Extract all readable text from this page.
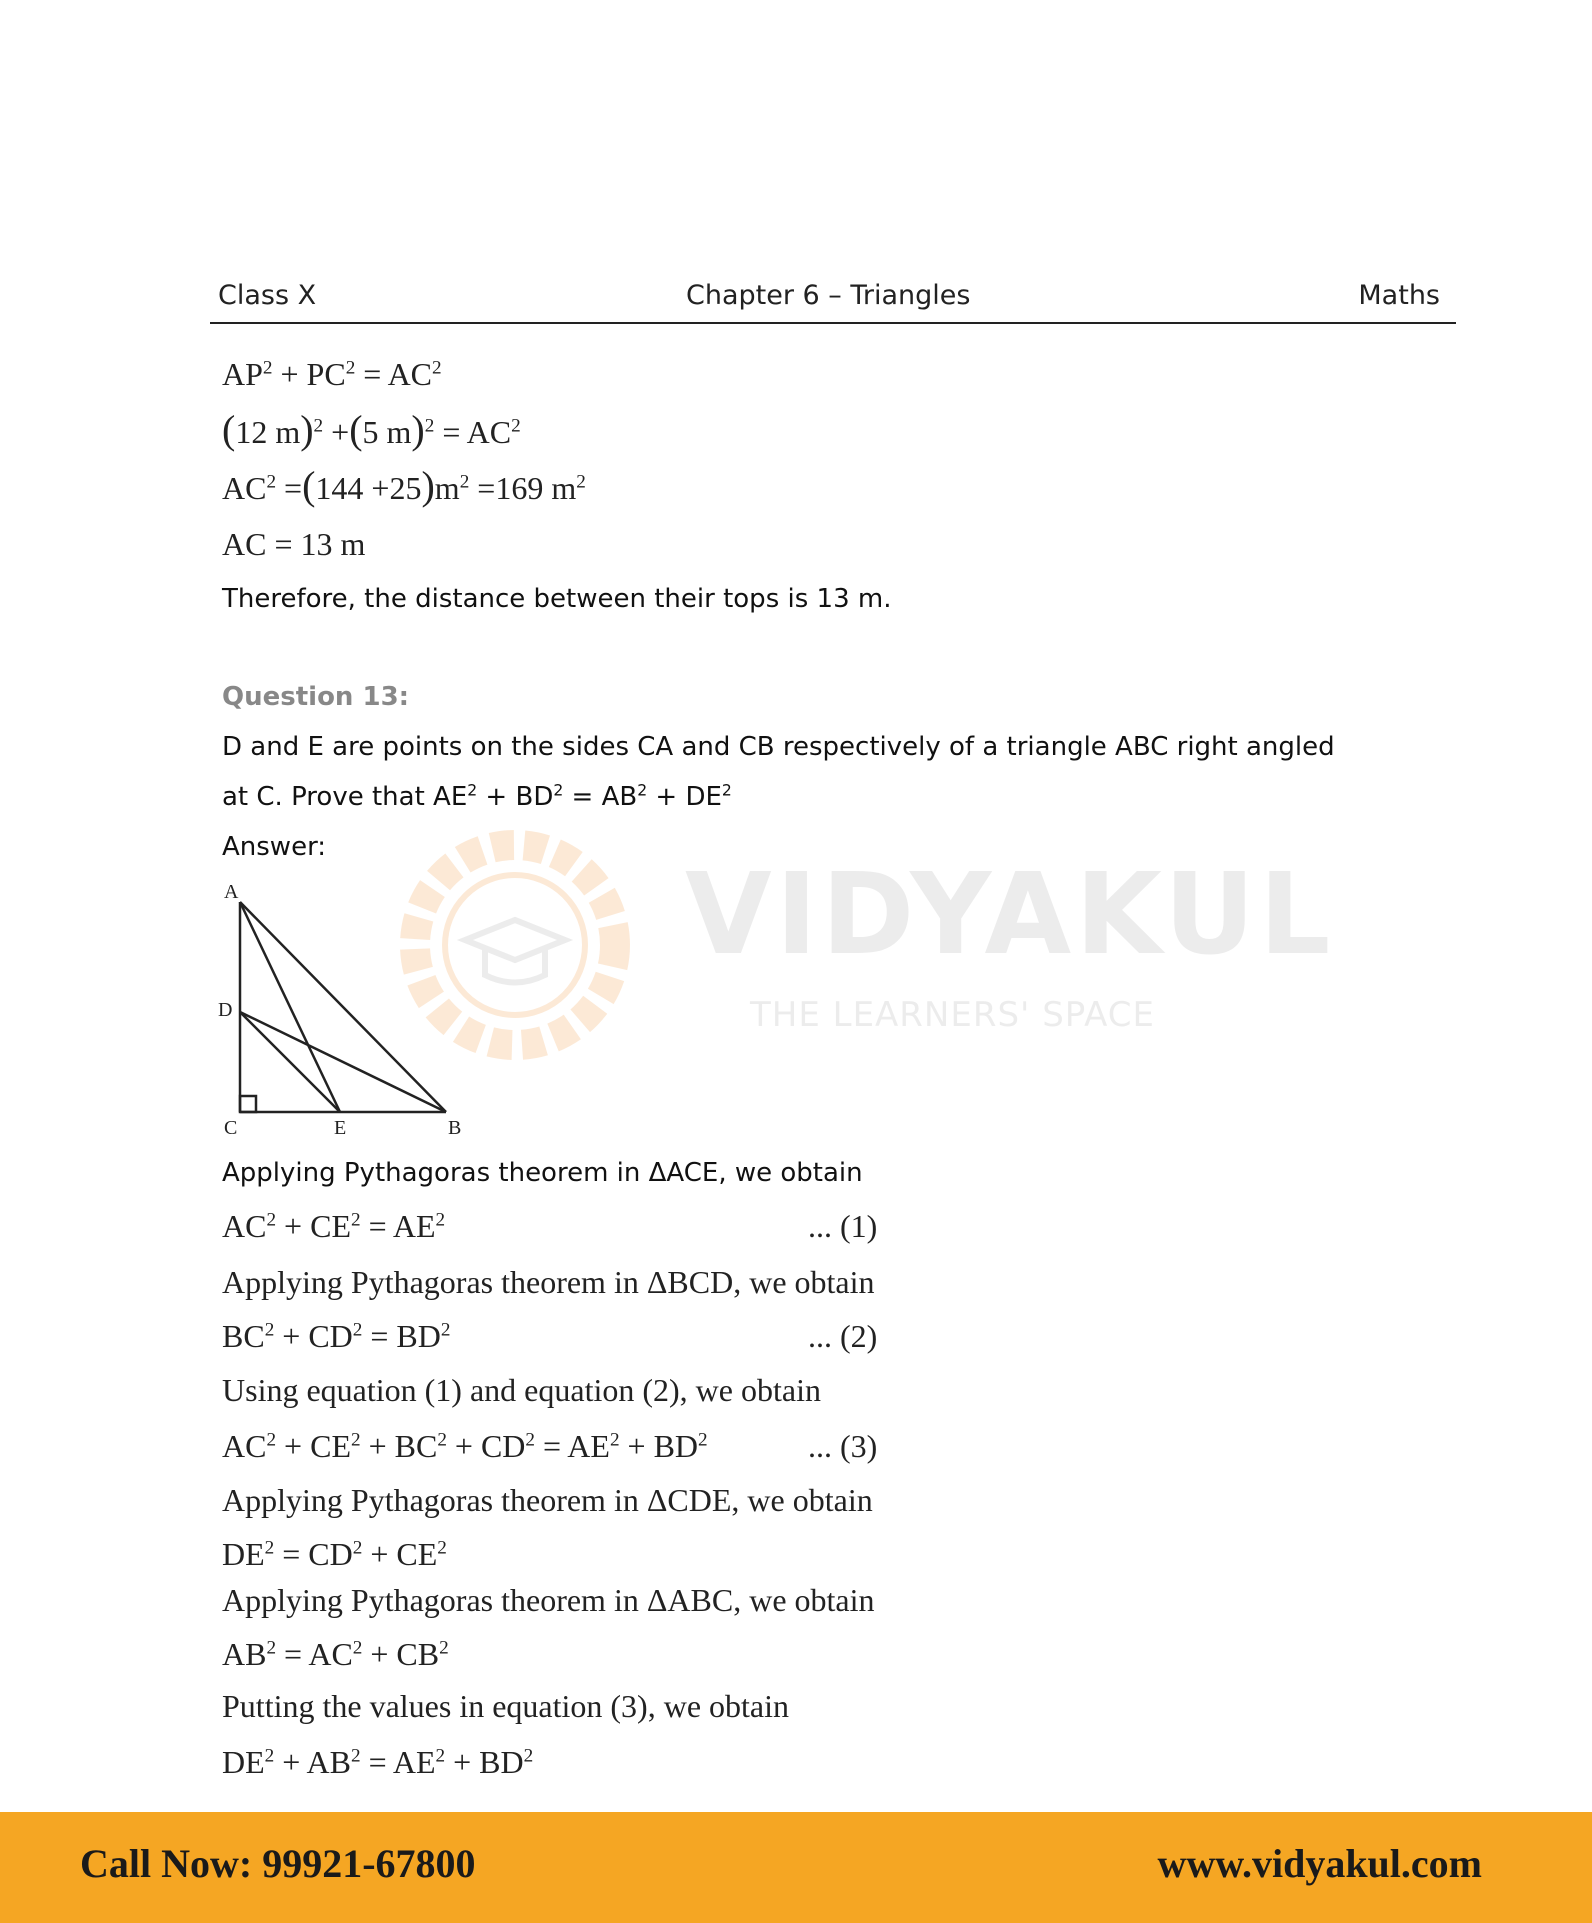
Class X	Chapter 6 – Triangles	Maths
VIDYAKUL
THE LEARNERS' SPACE
$AP^2 + PC^2 = AC^2$
(12 m)$^2$ +(5 $m)^2 = AC^2$
$AC^2 =(144 +25)m^2 =169$ $m^2$
AC = 13 m
Therefore, the distance between their tops is 13 m.
Question 13:
D and E are points on the sides CA and CB respectively of a triangle ABC right angled
at C. Prove that $AE^2 + BD^2 = AB^2 + DE^2$
Answer:
A
D
C	E	B
Applying Pythagoras theorem in ΔACE, we obtain
$AC^2 + CE^2 = AE^2$	... (1)
Applying Pythagoras theorem in ΔBCD, we obtain
$BC^2 + CD^2 = BD^2$	... (2)
Using equation (1) and equation (2), we obtain
$AC^2 + CE^2 + BC^2 + CD^2 = AE^2 + BD^2$	... (3)
Applying Pythagoras theorem in ΔCDE, we obtain
$DE^2 = CD^2 + CE^2$
Applying Pythagoras theorem in ΔABC, we obtain
$AB^2 = AC^2 + CB^2$
Putting the values in equation (3), we obtain
$DE^2 + AB^2 = AE^2 + BD^2$
Call Now: 99921-67800	www.vidyakul.com
